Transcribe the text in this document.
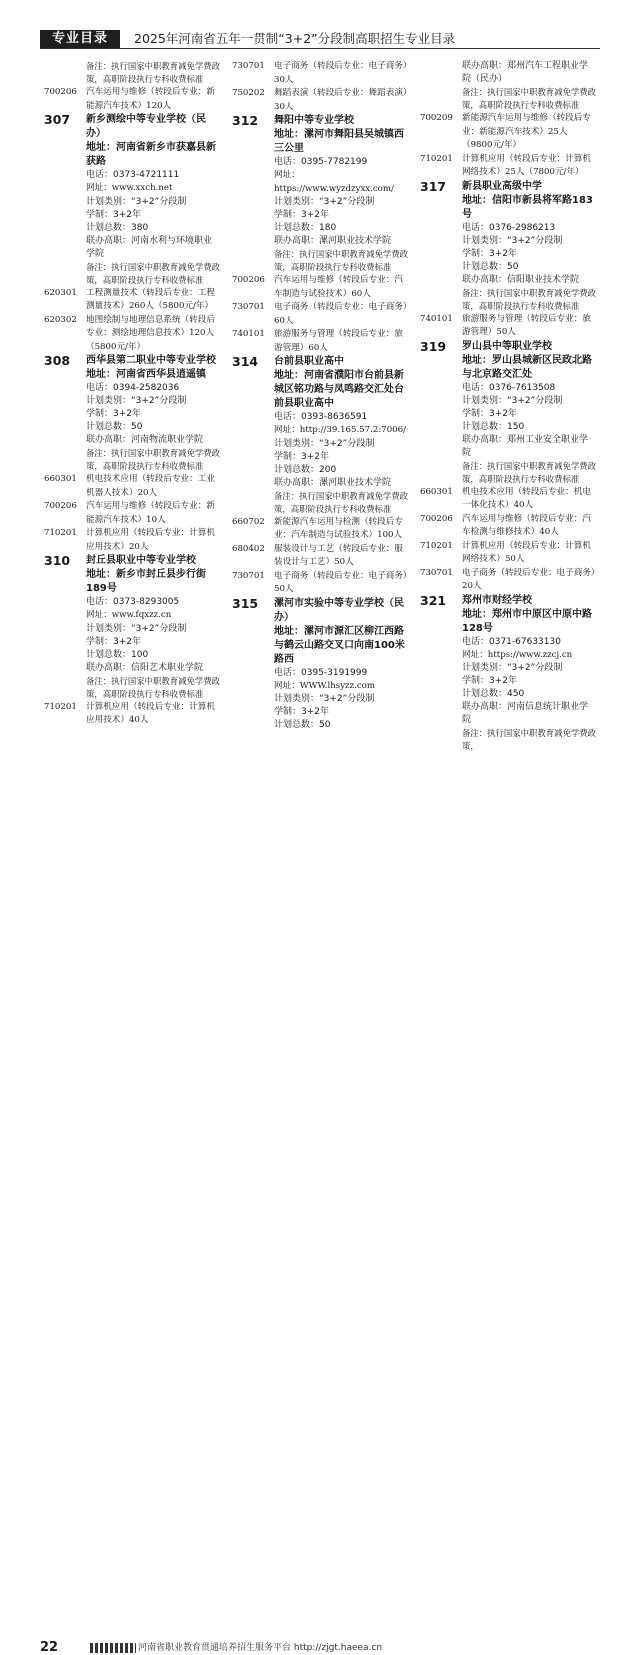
专业目录	2025年河南省五年一贯制“3+2”分段制高职招生专业目录
备注：执行国家中职教育减免学费政策，高职阶段执行专科收费标准
700206	汽车运用与维修（转段后专业：新能源汽车技术）120人
307	新乡测绘中等专业学校（民办）
地址：河南省新乡市获嘉县新获路
电话：0373-4721111
网址：www.xxch.net
计划类别：“3+2”分段制
学制：3+2年
计划总数：380
联办高职：河南水利与环境职业学院
备注：执行国家中职教育减免学费政策，高职阶段执行专科收费标准
620301	工程测量技术（转段后专业：工程测量技术）260人（5800元/年）
620302	地图绘制与地理信息系统（转段后专业：测绘地理信息技术）120人（5800元/年）
308	西华县第二职业中等专业学校
地址：河南省西华县逍遥镇
电话：0394-2582036
计划类别：“3+2”分段制
学制：3+2年
计划总数：50
联办高职：河南物流职业学院
备注：执行国家中职教育减免学费政策，高职阶段执行专科收费标准
660301	机电技术应用（转段后专业：工业机器人技术）20人
700206	汽车运用与维修（转段后专业：新能源汽车技术）10人
710201	计算机应用（转段后专业：计算机应用技术）20人
310	封丘县职业中等专业学校
地址：新乡市封丘县步行街189号
电话：0373-8293005
网址：www.fqxzz.cn
计划类别：“3+2”分段制
学制：3+2年
计划总数：100
联办高职：信阳艺术职业学院
备注：执行国家中职教育减免学费政策，高职阶段执行专科收费标准
710201	计算机应用（转段后专业：计算机应用技术）40人
730701	电子商务（转段后专业：电子商务）30人
750202	舞蹈表演（转段后专业：舞蹈表演）30人
312	舞阳中等专业学校
地址：漯河市舞阳县吴城镇西三公里
电话：0395-7782199
网址：https://www.wyzdzyxx.com/
计划类别：“3+2”分段制
学制：3+2年
计划总数：180
联办高职：漯河职业技术学院
备注：执行国家中职教育减免学费政策，高职阶段执行专科收费标准
700206	汽车运用与维修（转段后专业：汽车制造与试验技术）60人
730701	电子商务（转段后专业：电子商务）60人
740101	旅游服务与管理（转段后专业：旅游管理）60人
314	台前县职业高中
地址：河南省濮阳市台前县新城区铭功路与凤鸣路交汇处台前县职业高中
电话：0393-8636591
网址：http://39.165.57.2:7006/
计划类别：“3+2”分段制
学制：3+2年
计划总数：200
联办高职：漯河职业技术学院
备注：执行国家中职教育减免学费政策，高职阶段执行专科收费标准
660702	新能源汽车运用与检测（转段后专业：汽车制造与试验技术）100人
680402	服装设计与工艺（转段后专业：服装设计与工艺）50人
730701	电子商务（转段后专业：电子商务）50人
315	漯河市实验中等专业学校（民办）
地址：漯河市源汇区柳江西路与鹤云山路交叉口向南100米路西
电话：0395-3191999
网址：WWW.lhsyzz.com
计划类别：“3+2”分段制
学制：3+2年
计划总数：50
联办高职：郑州汽车工程职业学院（民办）
备注：执行国家中职教育减免学费政策，高职阶段执行专科收费标准
700209	新能源汽车运用与维修（转段后专业：新能源汽车技术）25人（9800元/年）
710201	计算机应用（转段后专业：计算机网络技术）25人（7800元/年）
317	新县职业高级中学
地址：信阳市新县将军路183号
电话：0376-2986213
计划类别：“3+2”分段制
学制：3+2年
计划总数：50
联办高职：信阳职业技术学院
备注：执行国家中职教育减免学费政策，高职阶段执行专科收费标准
740101	旅游服务与管理（转段后专业：旅游管理）50人
319	罗山县中等职业学校
地址：罗山县城新区民政北路与北京路交汇处
电话：0376-7613508
计划类别：“3+2”分段制
学制：3+2年
计划总数：150
联办高职：郑州工业安全职业学院
备注：执行国家中职教育减免学费政策，高职阶段执行专科收费标准
660301	机电技术应用（转段后专业：机电一体化技术）40人
700206	汽车运用与维修（转段后专业：汽车检测与维修技术）40人
710201	计算机应用（转段后专业：计算机网络技术）50人
730701	电子商务（转段后专业：电子商务）20人
321	郑州市财经学校
地址：郑州市中原区中原中路128号
电话：0371-67633130
网址：https://www.zzcj.cn
计划类别：“3+2”分段制
学制：3+2年
计划总数：450
联办高职：河南信息统计职业学院
备注：执行国家中职教育减免学费政策，
22	河南省职业教育贯通培养招生服务平台 http://zjgt.haeea.cn
